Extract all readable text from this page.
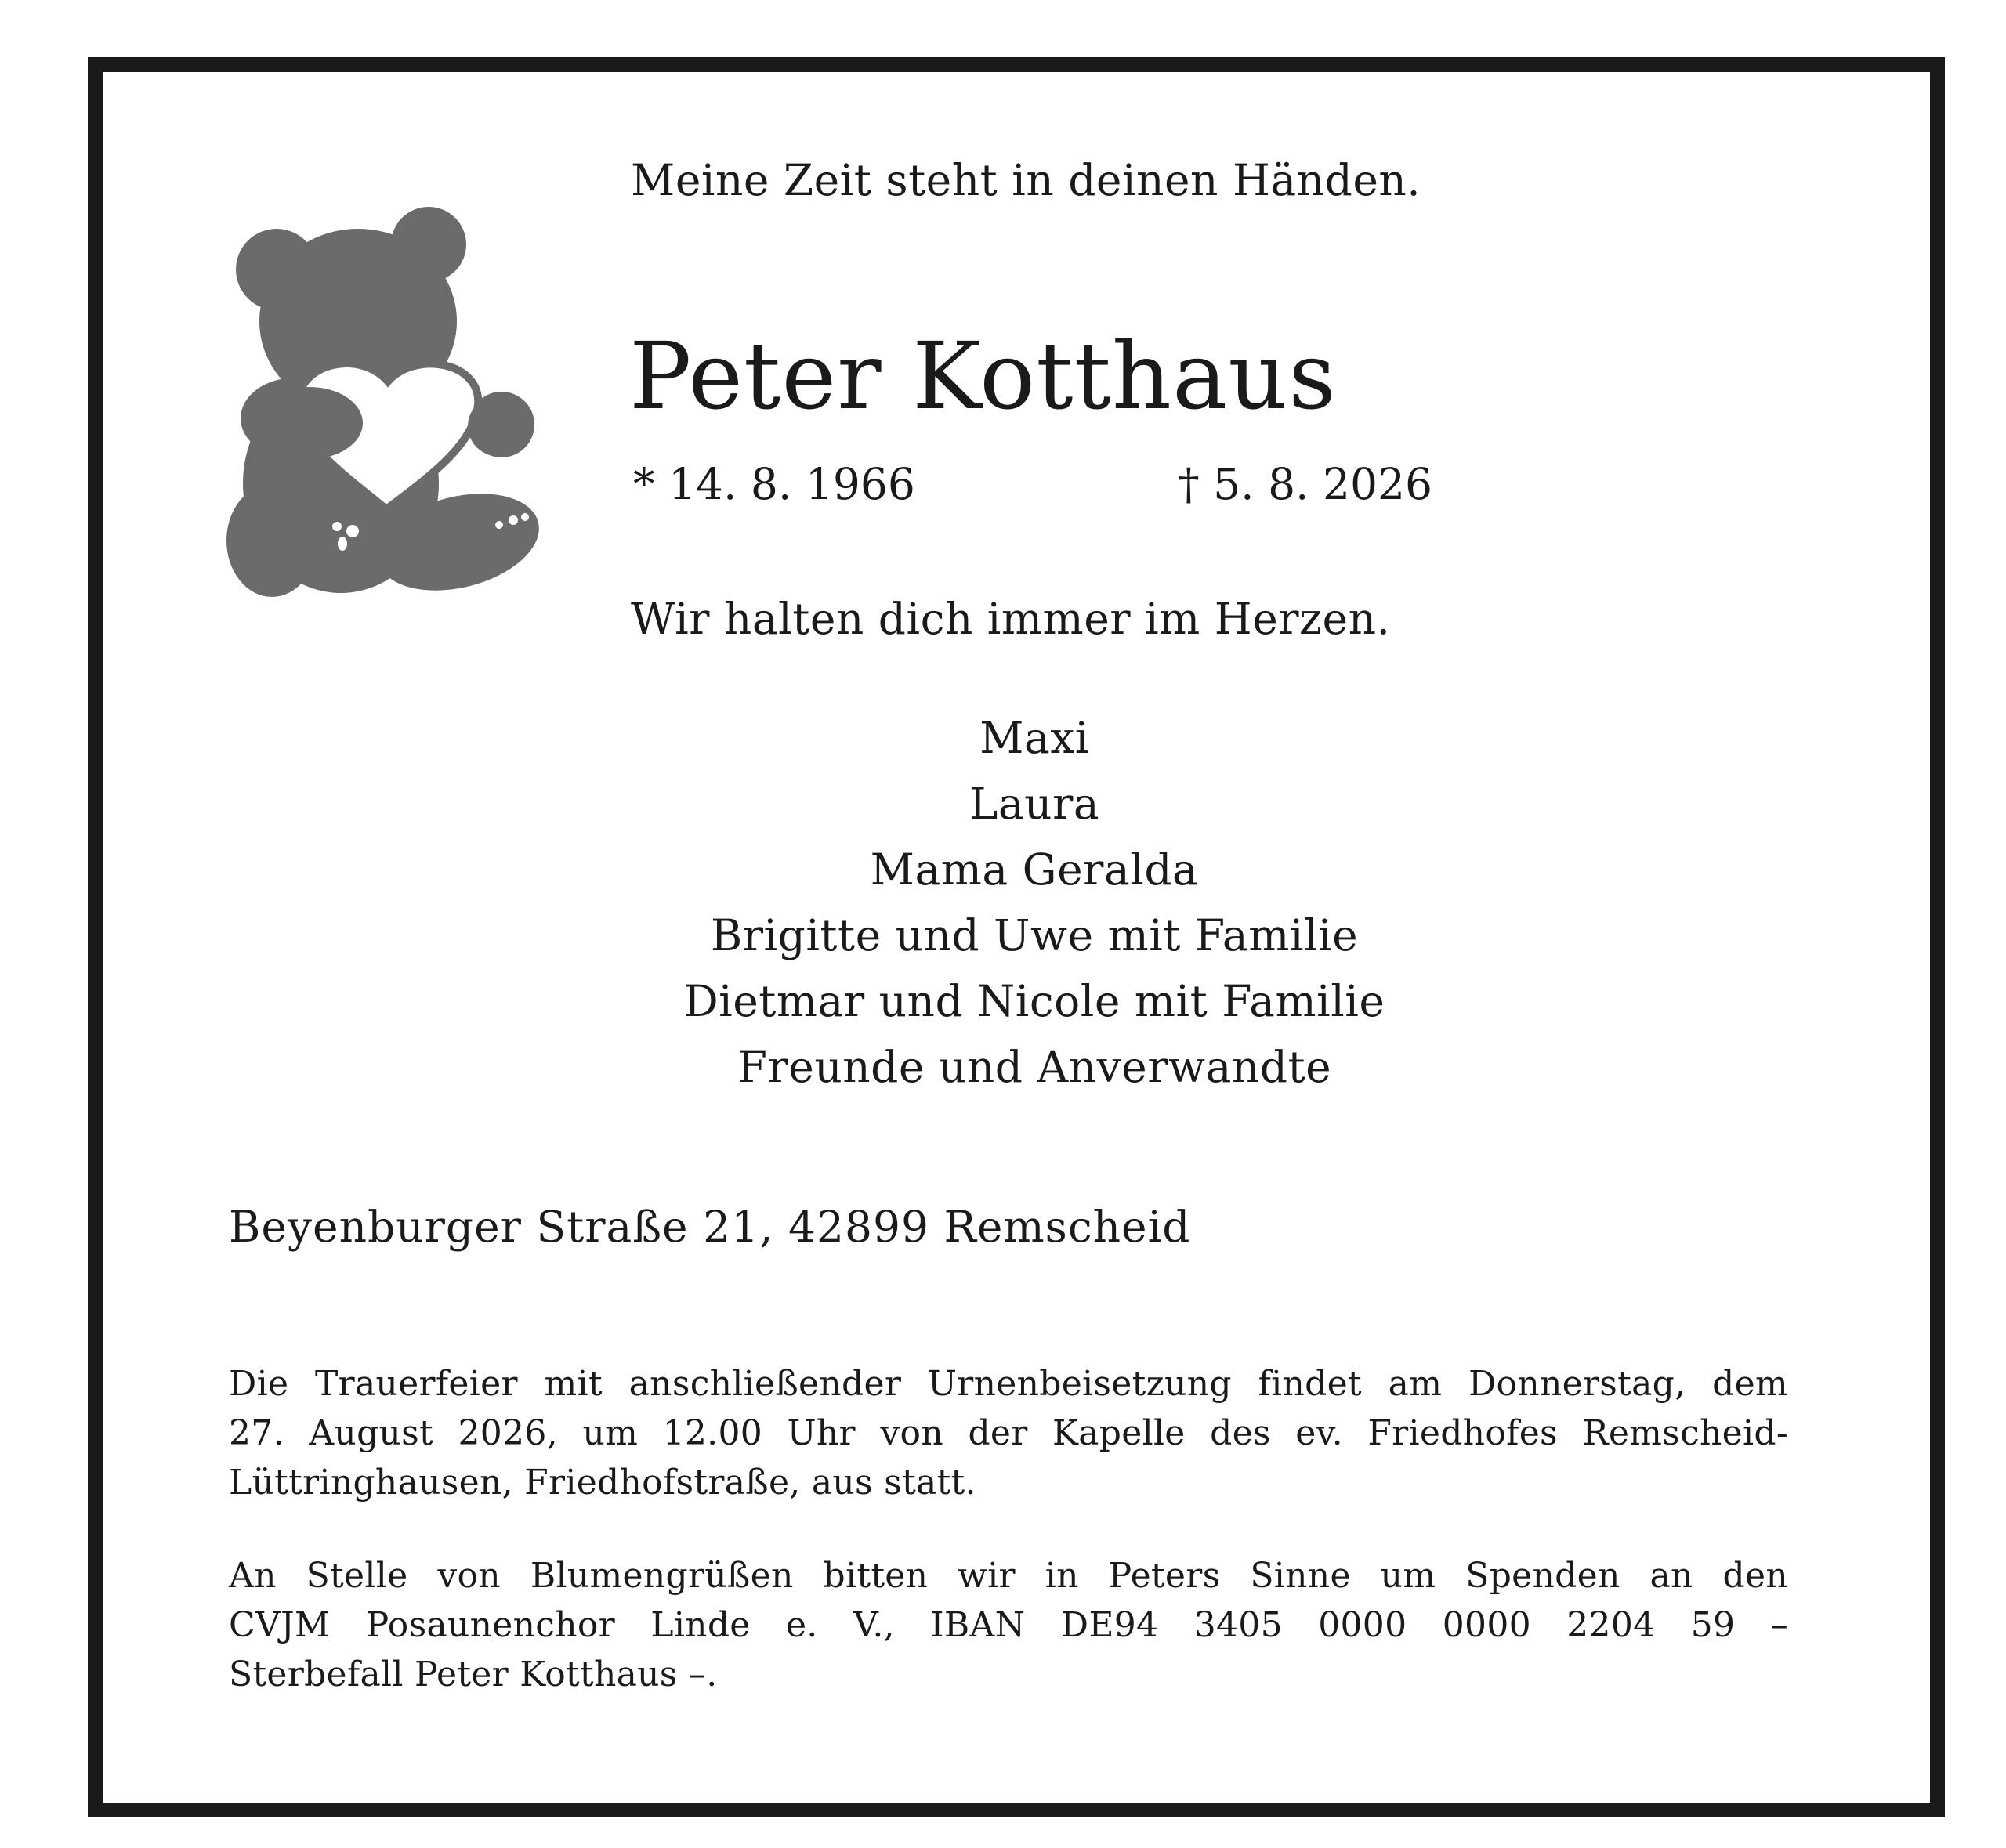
Meine Zeit steht in deinen Händen.
Peter Kotthaus
* 14. 8. 1966	† 5. 8. 2026
Wir halten dich immer im Herzen.
Maxi
Laura
Mama Geralda
Brigitte und Uwe mit Familie
Dietmar und Nicole mit Familie
Freunde und Anverwandte
Beyenburger Straße 21, 42899 Remscheid
Die Trauerfeier mit anschließender Urnenbeisetzung findet am Donnerstag, dem
27. August 2026, um 12.00 Uhr von der Kapelle des ev. Friedhofes Remscheid-
Lüttringhausen, Friedhofstraße, aus statt.
An Stelle von Blumengrüßen bitten wir in Peters Sinne um Spenden an den
CVJM Posaunenchor Linde e. V., IBAN DE94 3405 0000 0000 2204 59 –
Sterbefall Peter Kotthaus –.
